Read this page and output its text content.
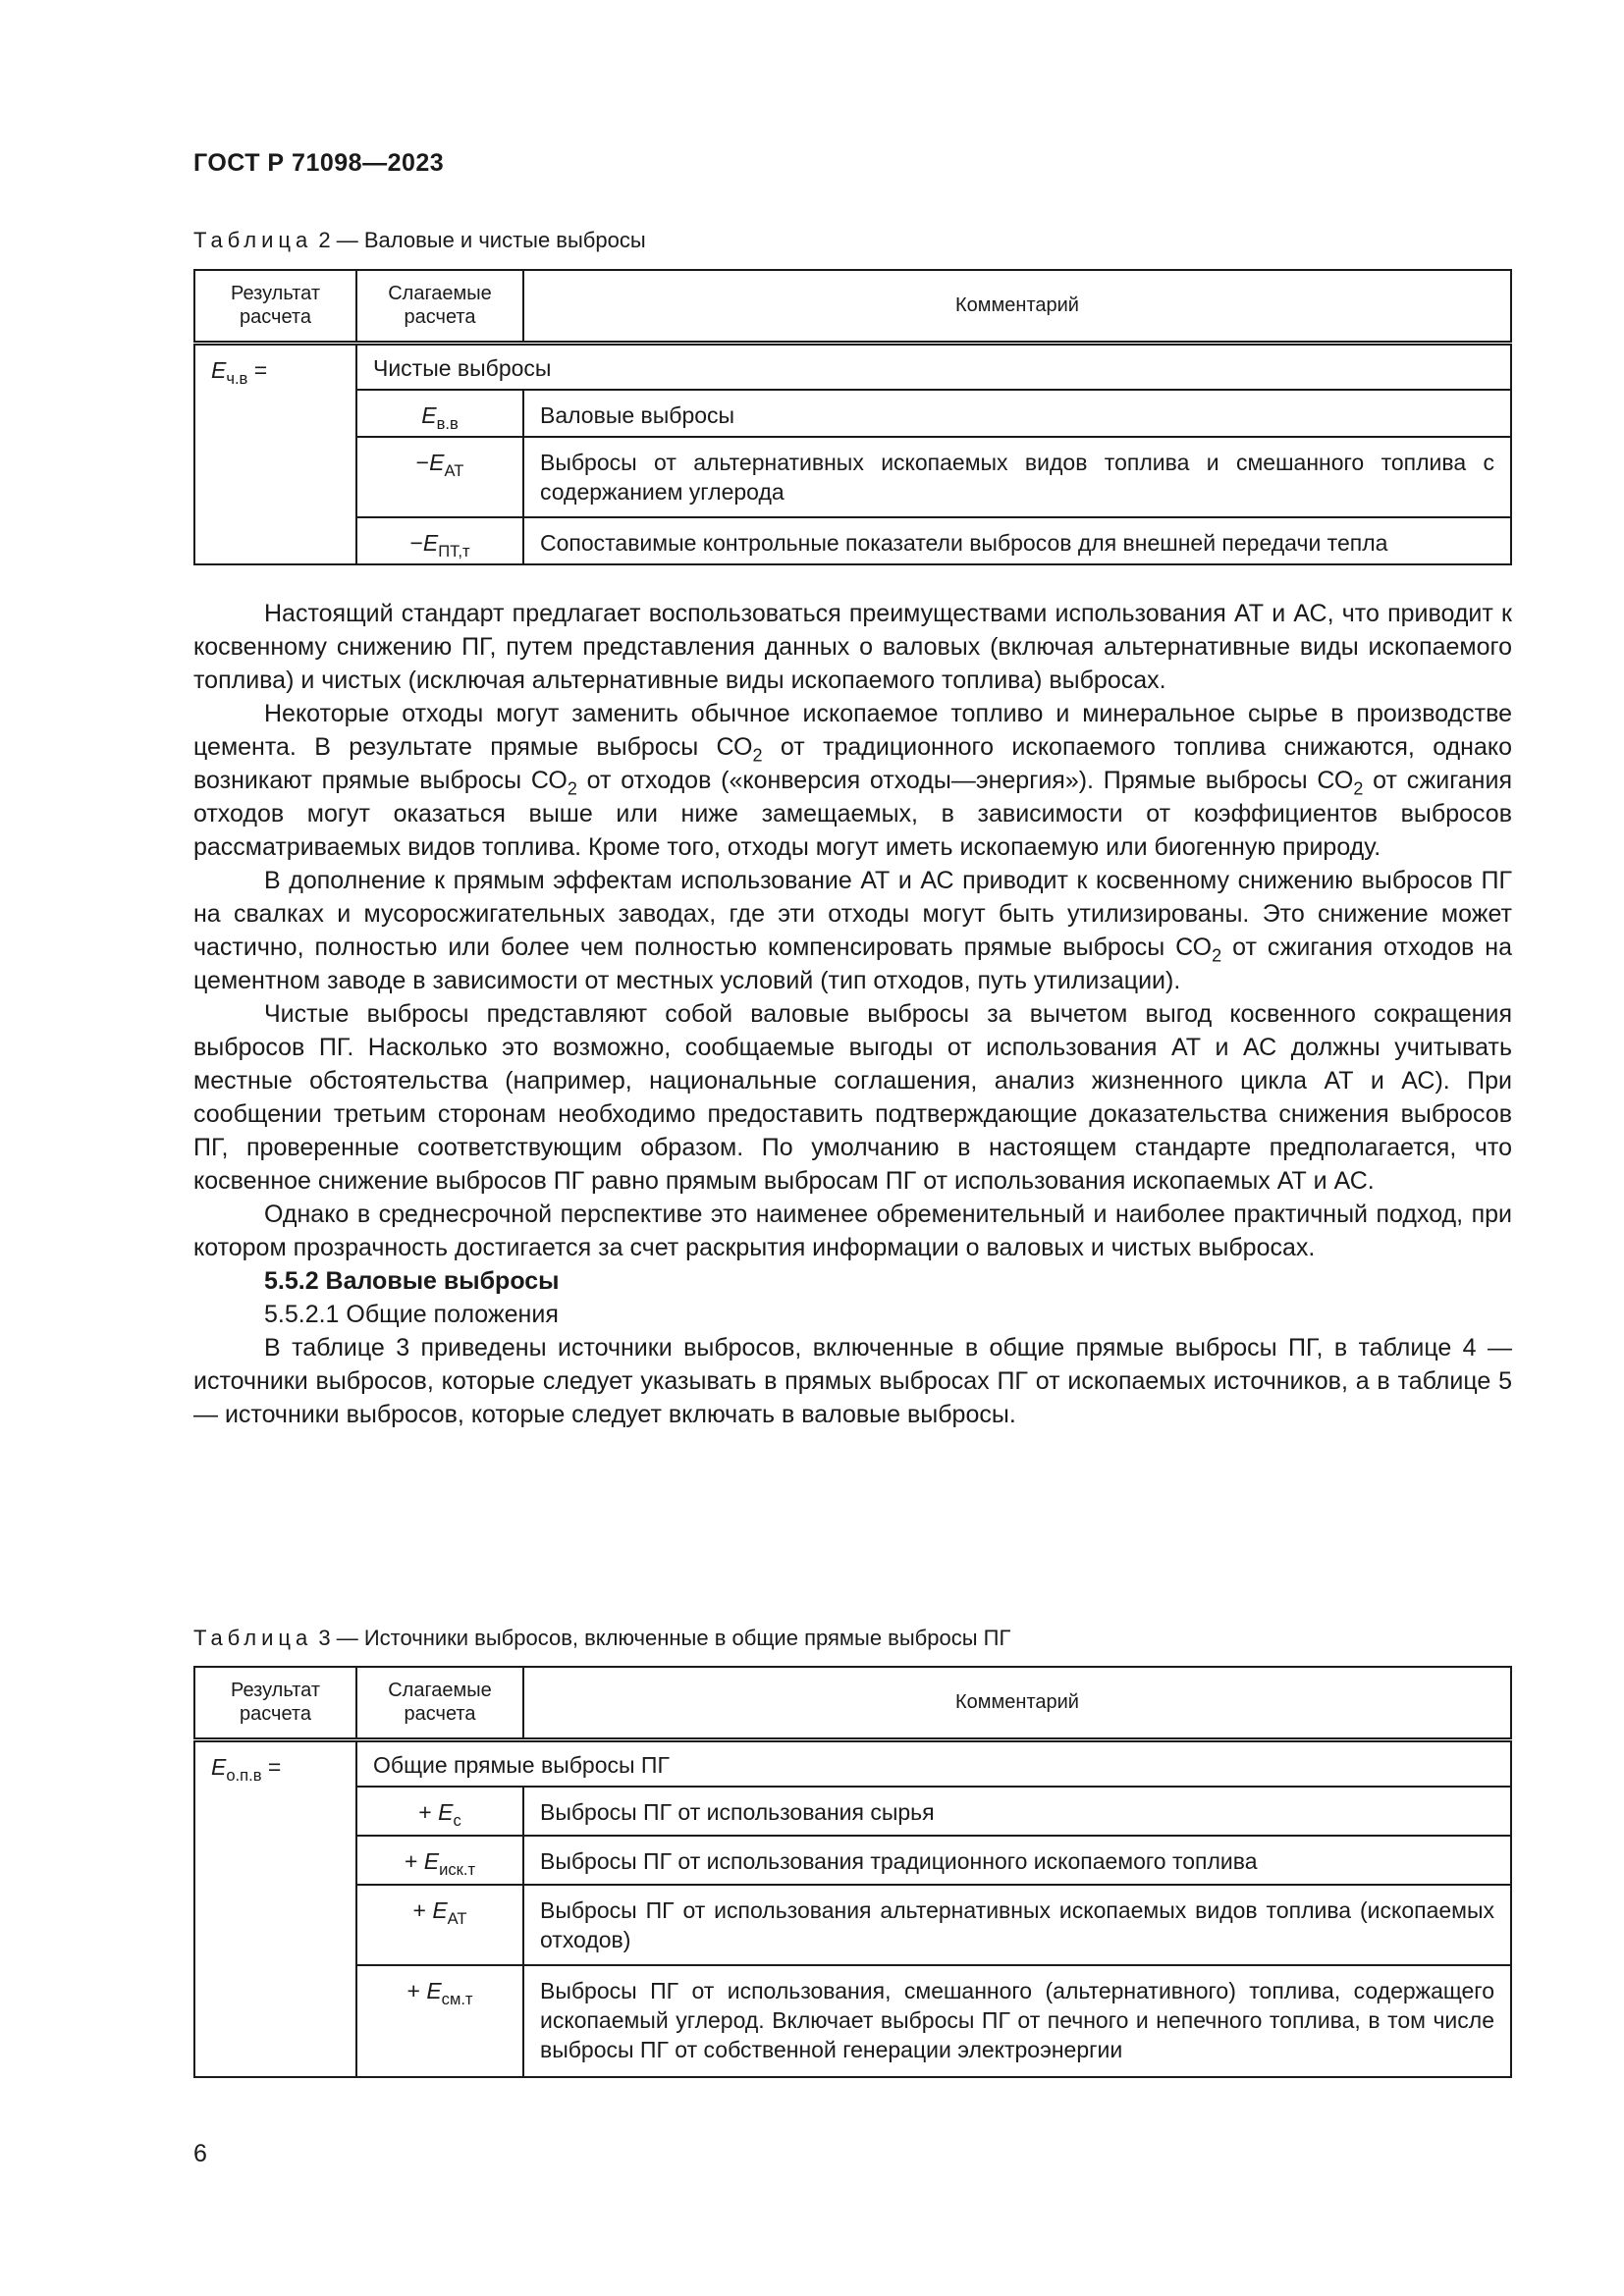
ГОСТ Р 71098—2023
Таблица 2 — Валовые и чистые выбросы
Результат расчета	Слагаемые расчета	Комментарий
$E_{ч.в}$ =	Чистые выбросы	
	$E_{в.в}$	Валовые выбросы
	$-E_{АТ}$	Выбросы от альтернативных ископаемых видов топлива и смешанного топлива с содержанием углерода
	$-E_{ПТ,т}$	Сопоставимые контрольные показатели выбросов для внешней передачи тепла

Настоящий стандарт предлагает воспользоваться преимуществами использования АТ и АС, что приводит к косвенному снижению ПГ, путем представления данных о валовых (включая альтернативные виды ископаемого топлива) и чистых (исключая альтернативные виды ископаемого топлива) выбросах.

Некоторые отходы могут заменить обычное ископаемое топливо и минеральное сырье в производстве цемента. В результате прямые выбросы $СО_2$ от традиционного ископаемого топлива снижаются, однако возникают прямые выбросы $СО_2$ от отходов («конверсия отходы—энергия»). Прямые выбросы $СО_2$ от сжигания отходов могут оказаться выше или ниже замещаемых, в зависимости от коэффициентов выбросов рассматриваемых видов топлива. Кроме того, отходы могут иметь ископаемую или биогенную природу.

В дополнение к прямым эффектам использование АТ и АС приводит к косвенному снижению выбросов ПГ на свалках и мусоросжигательных заводах, где эти отходы могут быть утилизированы. Это снижение может частично, полностью или более чем полностью компенсировать прямые выбросы $СО_2$ от сжигания отходов на цементном заводе в зависимости от местных условий (тип отходов, путь утилизации).

Чистые выбросы представляют собой валовые выбросы за вычетом выгод косвенного сокращения выбросов ПГ. Насколько это возможно, сообщаемые выгоды от использования АТ и АС должны учитывать местные обстоятельства (например, национальные соглашения, анализ жизненного цикла АТ и АС). При сообщении третьим сторонам необходимо предоставить подтверждающие доказательства снижения выбросов ПГ, проверенные соответствующим образом. По умолчанию в настоящем стандарте предполагается, что косвенное снижение выбросов ПГ равно прямым выбросам ПГ от использования ископаемых АТ и АС.

Однако в среднесрочной перспективе это наименее обременительный и наиболее практичный подход, при котором прозрачность достигается за счет раскрытия информации о валовых и чистых выбросах.

5.5.2 Валовые выбросы

5.5.2.1 Общие положения

В таблице 3 приведены источники выбросов, включенные в общие прямые выбросы ПГ, в таблице 4 — источники выбросов, которые следует указывать в прямых выбросах ПГ от ископаемых источников, а в таблице 5 — источники выбросов, которые следует включать в валовые выбросы.

Таблица 3 — Источники выбросов, включенные в общие прямые выбросы ПГ
Результат расчета	Слагаемые расчета	Комментарий
$E_{о.п.в}$ =	Общие прямые выбросы ПГ	
	+ $E_с$	Выбросы ПГ от использования сырья
	+ $E_{иск.т}$	Выбросы ПГ от использования традиционного ископаемого топлива
	+ $E_{АТ}$	Выбросы ПГ от использования альтернативных ископаемых видов топлива (ископаемых отходов)
	+ $E_{см.т}$	Выбросы ПГ от использования, смешанного (альтернативного) топлива, содержащего ископаемый углерод. Включает выбросы ПГ от печного и непечного топлива, в том числе выбросы ПГ от собственной генерации электроэнергии
6
